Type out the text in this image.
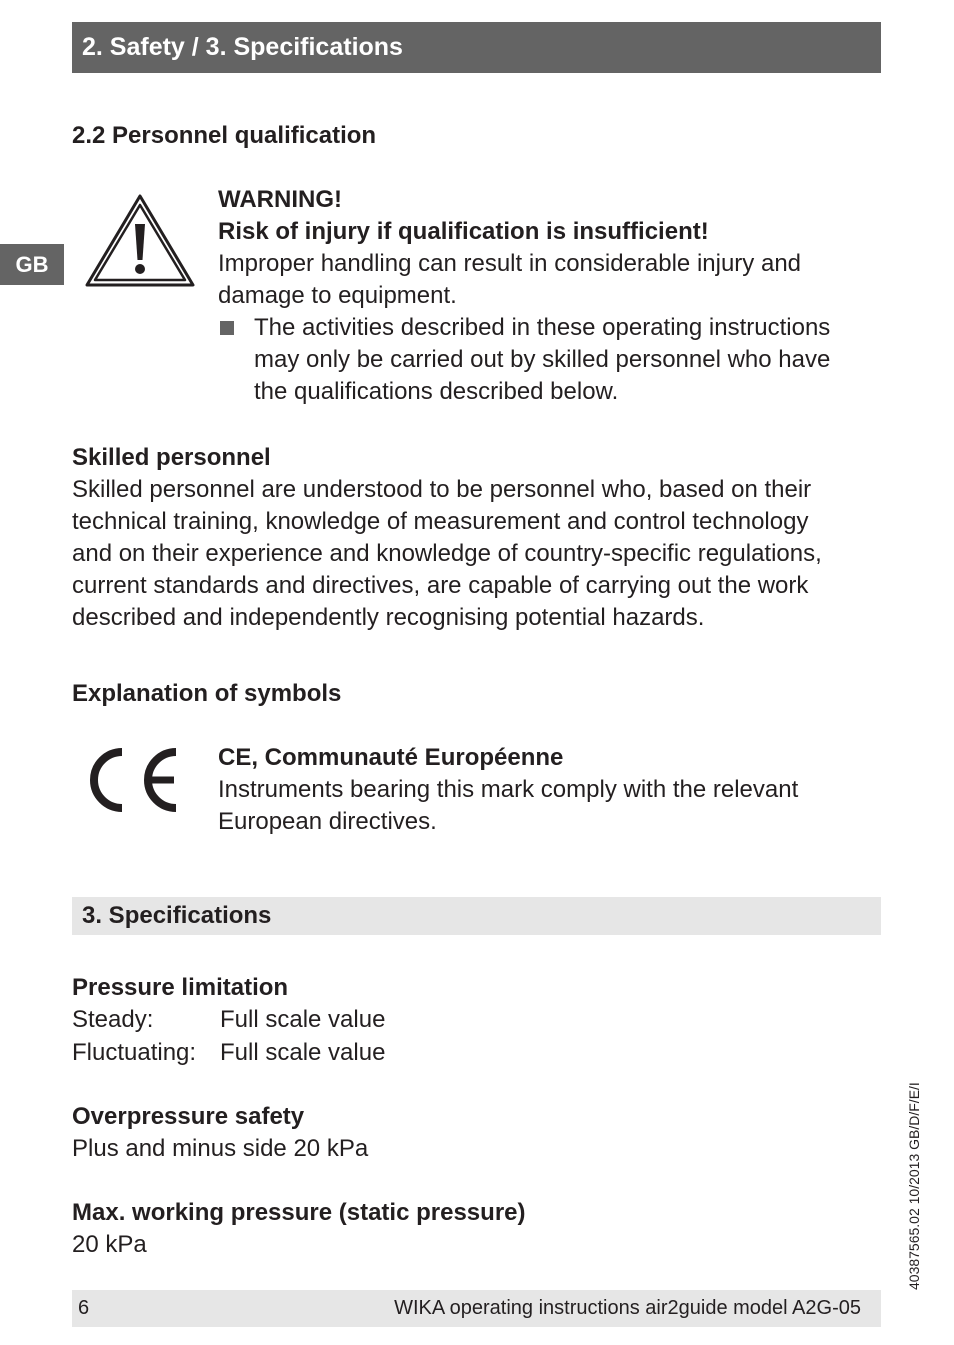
2. Safety / 3. Specifications
GB
2.2 Personnel qualification
WARNING!
Risk of injury if qualification is insufficient!
Improper handling can result in considerable injury and
damage to equipment.
The activities described in these operating instructions
may only be carried out by skilled personnel who have
the qualifications described below.
Skilled personnel
Skilled personnel are understood to be personnel who, based on their
technical training, knowledge of measurement and control technology
and on their experience and knowledge of country-specific regulations,
current standards and directives, are capable of carrying out the work
described and independently recognising potential hazards.
Explanation of symbols
CE, Communauté Européenne
Instruments bearing this mark comply with the relevant
European directives.
3. Specifications
Pressure limitation
Steady:	Full scale value
Fluctuating: Full scale value
Overpressure safety
Plus and minus side 20 kPa
Max. working pressure (static pressure)
20 kPa	40387565.02 10/2013 GB/D/F/E/I
6	WIKA operating instructions air2guide model A2G-05
